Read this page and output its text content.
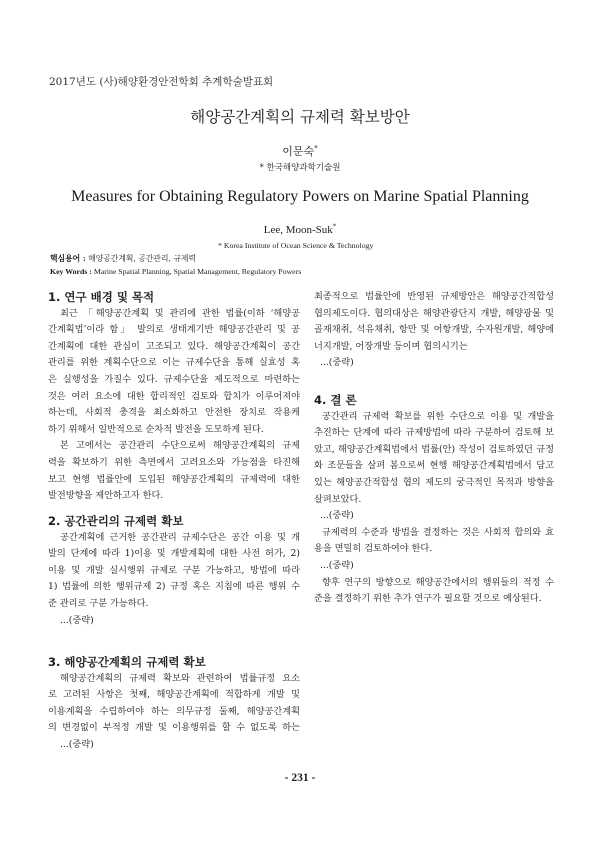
2017년도 (사)해양환경안전학회 추계학술발표회
해양공간계획의 규제력 확보방안
이문숙*
* 한국해양과학기술원
Measures for Obtaining Regulatory Powers on Marine Spatial Planning
Lee, Moon-Suk*
* Korea Institute of Ocean Science & Technology
핵심용어 : 해양공간계획, 공간관리, 규제력
Key Words : Marine Spatial Planning, Spatial Management, Regulatory Powers
1. 연구 배경 및 목적
최근 「해양공간계획 및 관리에 관한 법률(이하 ‘해양공
간계획법’이라 함」 발의로 생태계기반 해양공간관리 및 공
간계획에 대한 관심이 고조되고 있다. 해양공간계획이 공간
관리를 위한 계획수단으로 이는 규제수단을 통해 실효성 혹
은 실행성을 가질수 있다. 규제수단을 제도적으로 마련하는
것은 여러 요소에 대한 합리적인 검토와 합치가 이루어져야
하는데, 사회적 충격을 최소화하고 안전한 장치로 작용케
하기 위해서 일반적으로 순차적 발전을 도모하게 된다.
본 고에서는 공간관리 수단으로써 해양공간계획의 규제
력을 확보하기 위한 측면에서 고려요소와 가능점을 타진해
보고 현행 법률안에 도입된 해양공간계획의 규제력에 대한
발전방향을 제안하고자 한다.
2. 공간관리의 규제력 확보
공간계획에 근거한 공간관리 규제수단은 공간 이용 및 개
발의 단계에 따라 1)이용 및 개발계획에 대한 사전 허가, 2)
이용 및 개발 실시행위 규제로 구분 가능하고, 방법에 따라
1) 법률에 의한 행위규제 2) 규정 혹은 지침에 따른 행위 수
준 관리로 구분 가능하다.
...(중략)
3. 해양공간계획의 규제력 확보
해양공간계획의 규제력 확보와 관련하여 법률규정 요소
로 고려된 사항은 첫째, 해양공간계획에 적합하게 개발 및
이용계획을 수립하여야 하는 의무규정 둘째, 해양공간계획
의 변경없이 부적정 개발 및 이용행위를 할 수 없도록 하는
...(중략)
최종적으로 법률안에 반영된 규제방안은 해양공간적합성
협의제도이다. 협의대상은 해양관광단지 개발, 해양광물 및
골재채취, 석유채취, 항만 및 어항개발, 수자원개발, 해양에
너지개발, 어장개발 등이며 협의시기는
...(중략)
4. 결 론
공간관리 규제력 확보를 위한 수단으로 이용 및 개발을
추진하는 단계에 따라 규제방법에 따라 구분하여 검토해 보
았고, 해양공간계획법에서 법률(안) 작성이 검토하였던 규정
화 조문들을 살펴 봄으로써 현행 해양공간계획법에서 담고
있는 해양공간적합성 협의 제도의 궁극적인 목적과 방향을
살펴보았다.
...(중략)
규제력의 수준과 방법을 결정하는 것은 사회적 합의와 효
용을 면밀히 검토하여야 한다.
...(중략)
향후 연구의 방향으로 해양공간에서의 행위들의 적정 수
준을 결정하기 위한 추가 연구가 필요할 것으로 예상된다.
- 231 -
